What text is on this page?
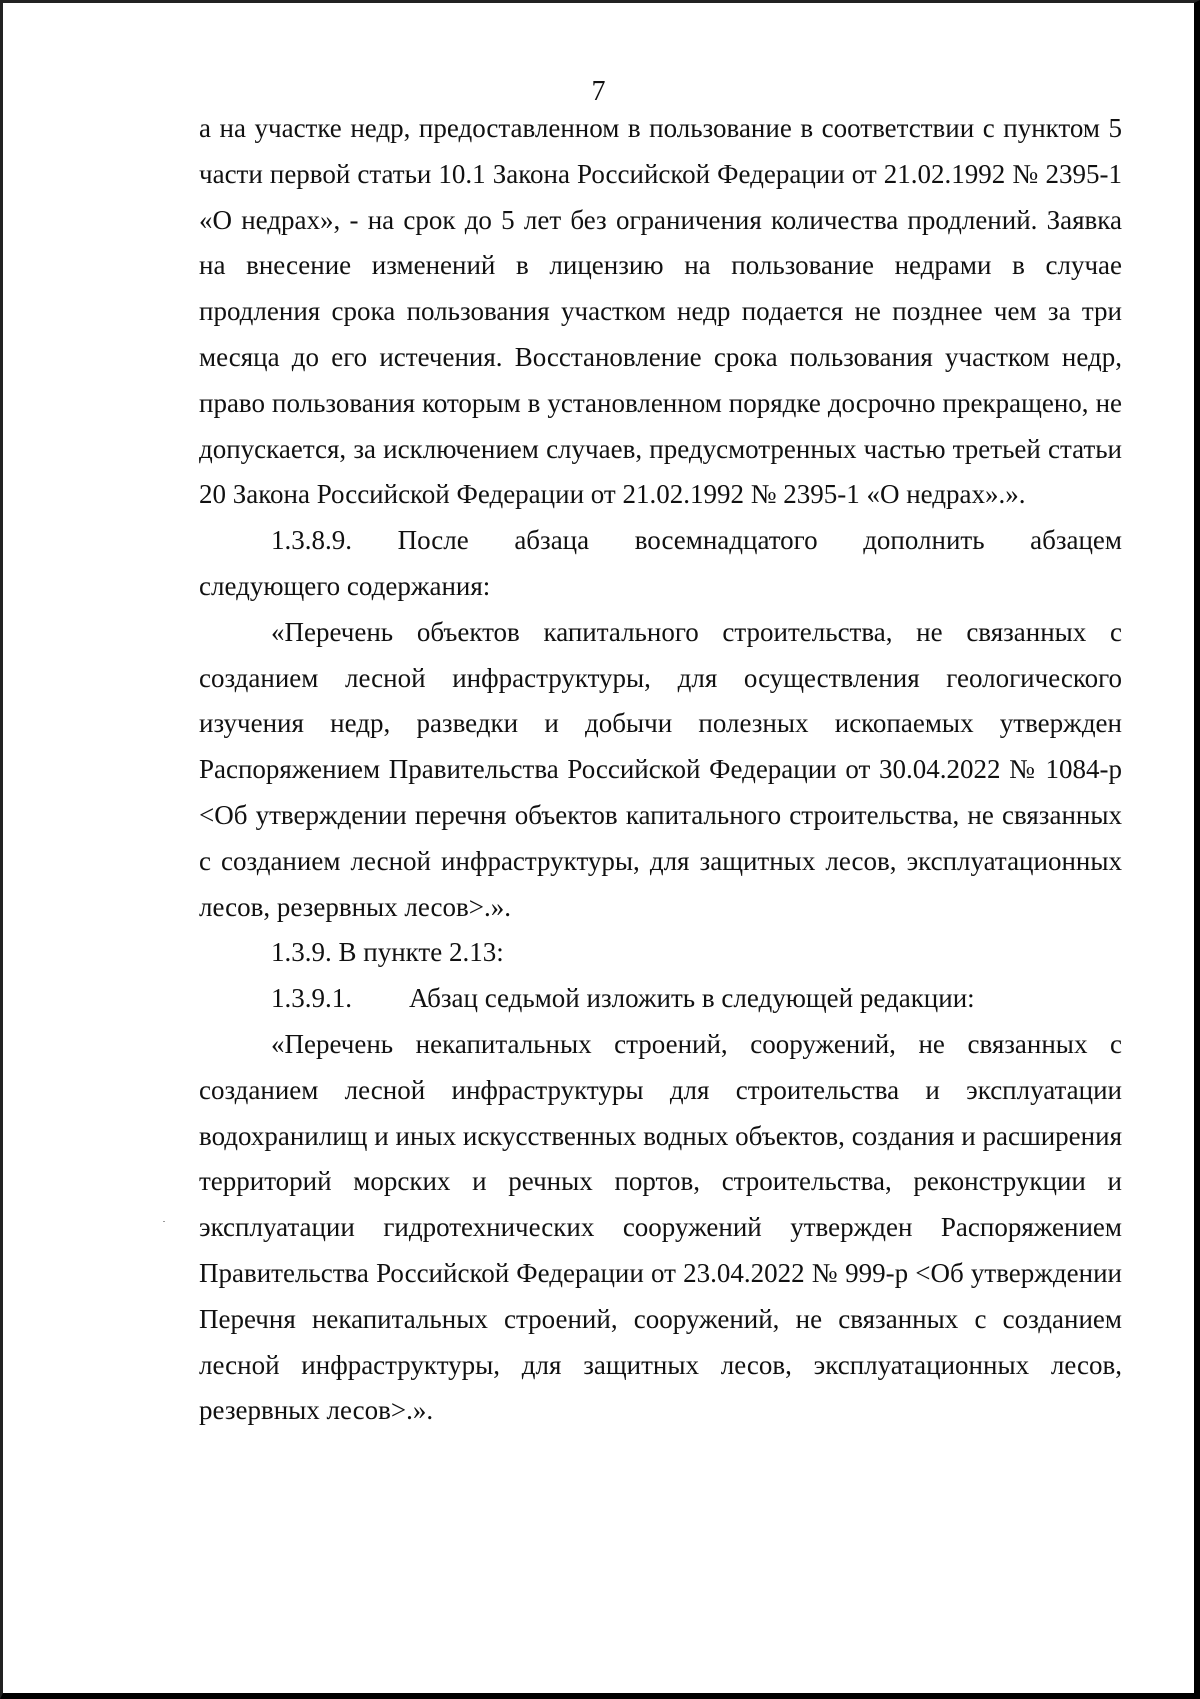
7

а на участке недр, предоставленном в пользование в соответствии с пунктом 5 части первой статьи 10.1 Закона Российской Федерации от 21.02.1992 № 2395-1 «О недрах», - на срок до 5 лет без ограничения количества продлений. Заявка на внесение изменений в лицензию на пользование недрами в случае продления срока пользования участком недр подается не позднее чем за три месяца до его истечения. Восстановление срока пользования участком недр, право пользования которым в установленном порядке досрочно прекращено, не допускается, за исключением случаев, предусмотренных частью третьей статьи 20 Закона Российской Федерации от 21.02.1992 № 2395-1 «О недрах».».

1.3.8.9. После абзаца восемнадцатого дополнить абзацем

следующего содержания:

«Перечень объектов капитального строительства, не связанных с созданием лесной инфраструктуры, для осуществления геологического изучения недр, разведки и добычи полезных ископаемых утвержден Распоряжением Правительства Российской Федерации от 30.04.2022 № 1084-р <Об утверждении перечня объектов капитального строительства, не связанных с созданием лесной инфраструктуры, для защитных лесов, эксплуатационных лесов, резервных лесов>.».

1.3.9. В пункте 2.13:

1.3.9.1. Абзац седьмой изложить в следующей редакции:

«Перечень некапитальных строений, сооружений, не связанных с созданием лесной инфраструктуры для строительства и эксплуатации водохранилищ и иных искусственных водных объектов, создания и расширения территорий морских и речных портов, строительства, реконструкции и эксплуатации гидротехнических сооружений утвержден Распоряжением Правительства Российской Федерации от 23.04.2022 № 999-р <Об утверждении Перечня некапитальных строений, сооружений, не связанных с созданием лесной инфраструктуры, для защитных лесов, эксплуатационных лесов, резервных лесов>.».
